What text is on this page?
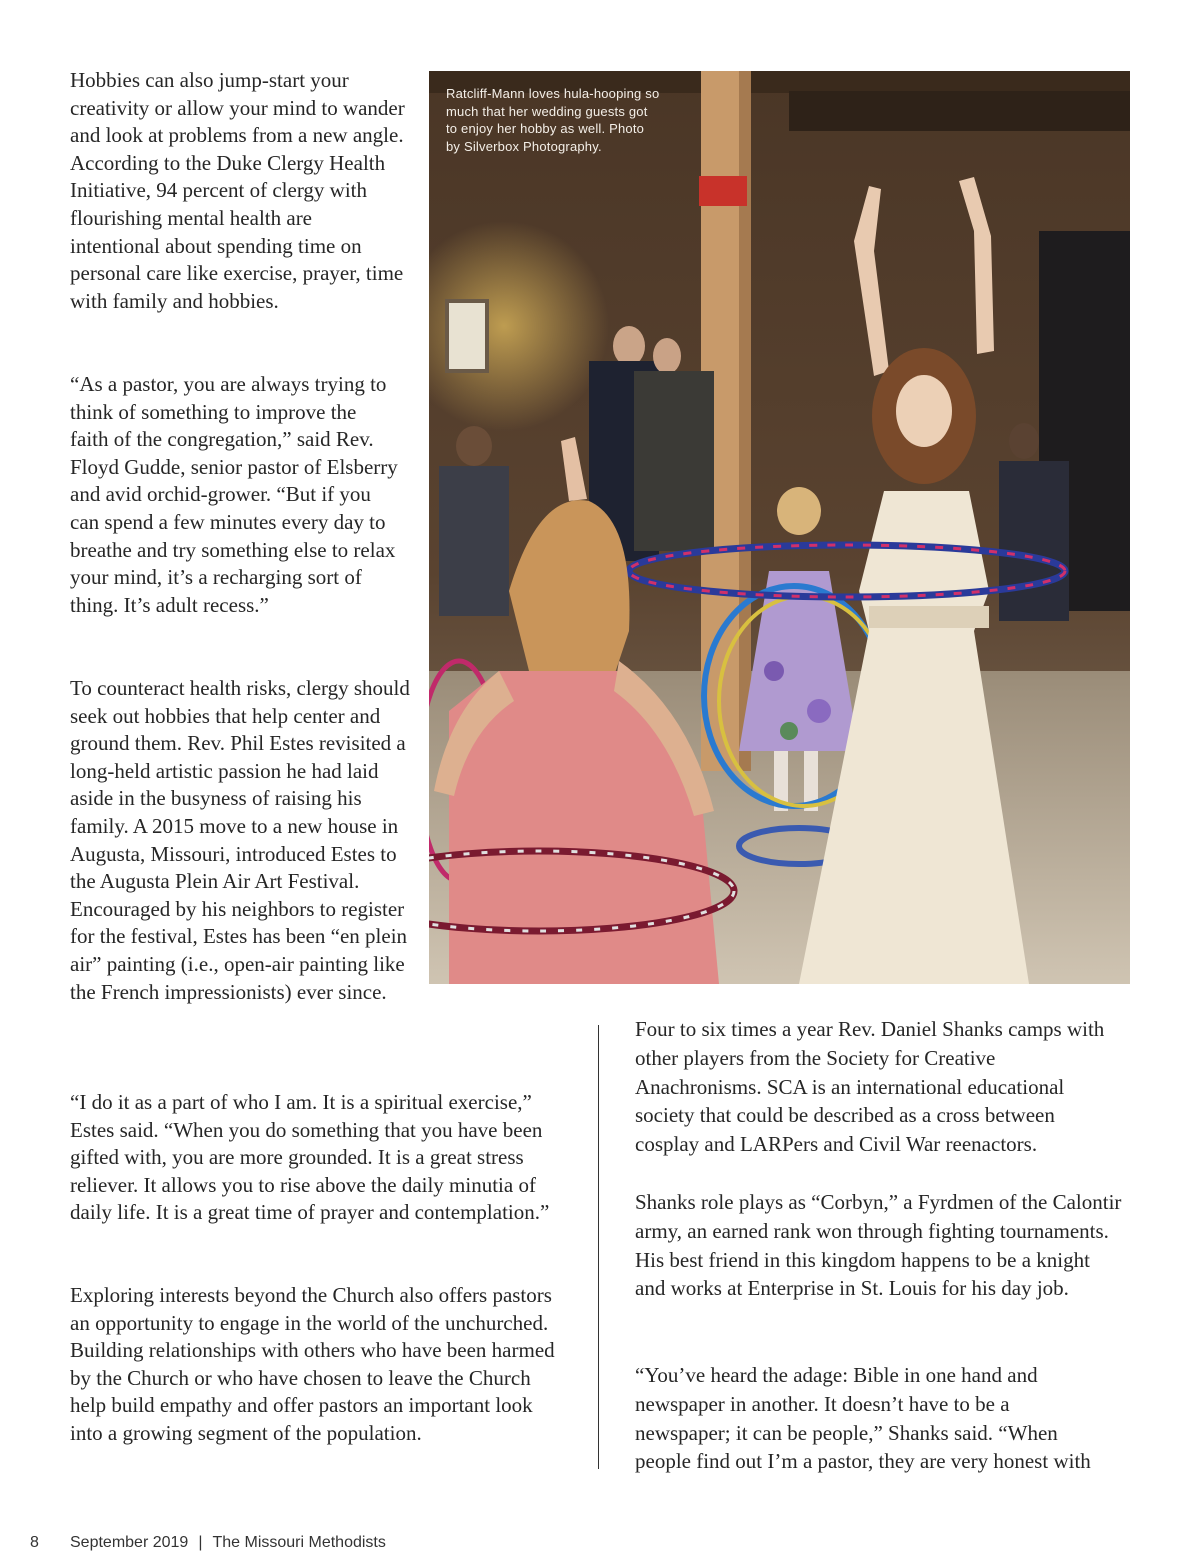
Hobbies can also jump-start your creativity or allow your mind to wander and look at problems from a new angle. According to the Duke Clergy Health Initiative, 94 percent of clergy with flourishing mental health are intentional about spending time on personal care like exercise, prayer, time with family and hobbies.

“As a pastor, you are always trying to think of something to improve the faith of the congregation,” said Rev. Floyd Gudde, senior pastor of Elsberry and avid orchid-grower. “But if you can spend a few minutes every day to breathe and try something else to relax your mind, it’s a recharging sort of thing. It’s adult recess.”

To counteract health risks, clergy should seek out hobbies that help center and ground them. Rev. Phil Estes revisited a long-held artistic passion he had laid aside in the busyness of raising his family. A 2015 move to a new house in Augusta, Missouri, introduced Estes to the Augusta Plein Air Art Festival. Encouraged by his neighbors to register for the festival, Estes has been “en plein air” painting (i.e., open-air painting like the French impressionists) ever since.

“I do it as a part of who I am. It is a spiritual exercise,” Estes said. “When you do something that you have been gifted with, you are more grounded. It is a great stress reliever. It allows you to rise above the daily minutia of daily life. It is a great time of prayer and contemplation.”

Exploring interests beyond the Church also offers pastors an opportunity to engage in the world of the unchurched. Building relationships with others who have been harmed by the Church or who have chosen to leave the Church help build empathy and offer pastors an important look into a growing segment of the population.

Ratcliff-Mann loves hula-hooping so much that her wedding guests got to enjoy her hobby as well. Photo by Silverbox Photography.

Four to six times a year Rev. Daniel Shanks camps with other players from the Society for Creative Anachronisms. SCA is an international educational society that could be described as a cross between cosplay and LARPers and Civil War reenactors.

Shanks role plays as “Corbyn,” a Fyrdmen of the Calontir army, an earned rank won through fighting tournaments. His best friend in this kingdom happens to be a knight and works at Enterprise in St. Louis for his day job.

“You’ve heard the adage: Bible in one hand and newspaper in another. It doesn’t have to be a newspaper; it can be people,” Shanks said. “When people find out I’m a pastor, they are very honest with

8 September 2019 | The Missouri Methodists
